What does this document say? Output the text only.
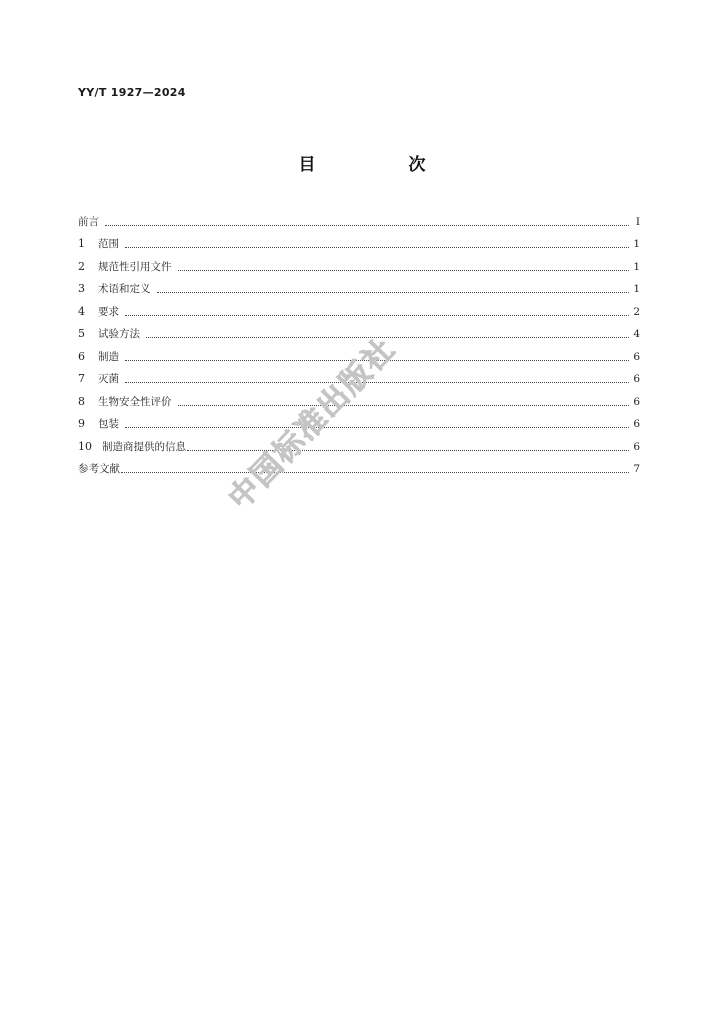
YY/T 1927—2024
目　次
前言	Ⅰ
1	范围	1
2	规范性引用文件	1
3	术语和定义	1
4	要求	2
5	试验方法	4
6	制造	6
7	灭菌	6
8	生物安全性评价	6
9	包装	6
10 制造商提供的信息	6
参考文献	7
中国标准出版社
